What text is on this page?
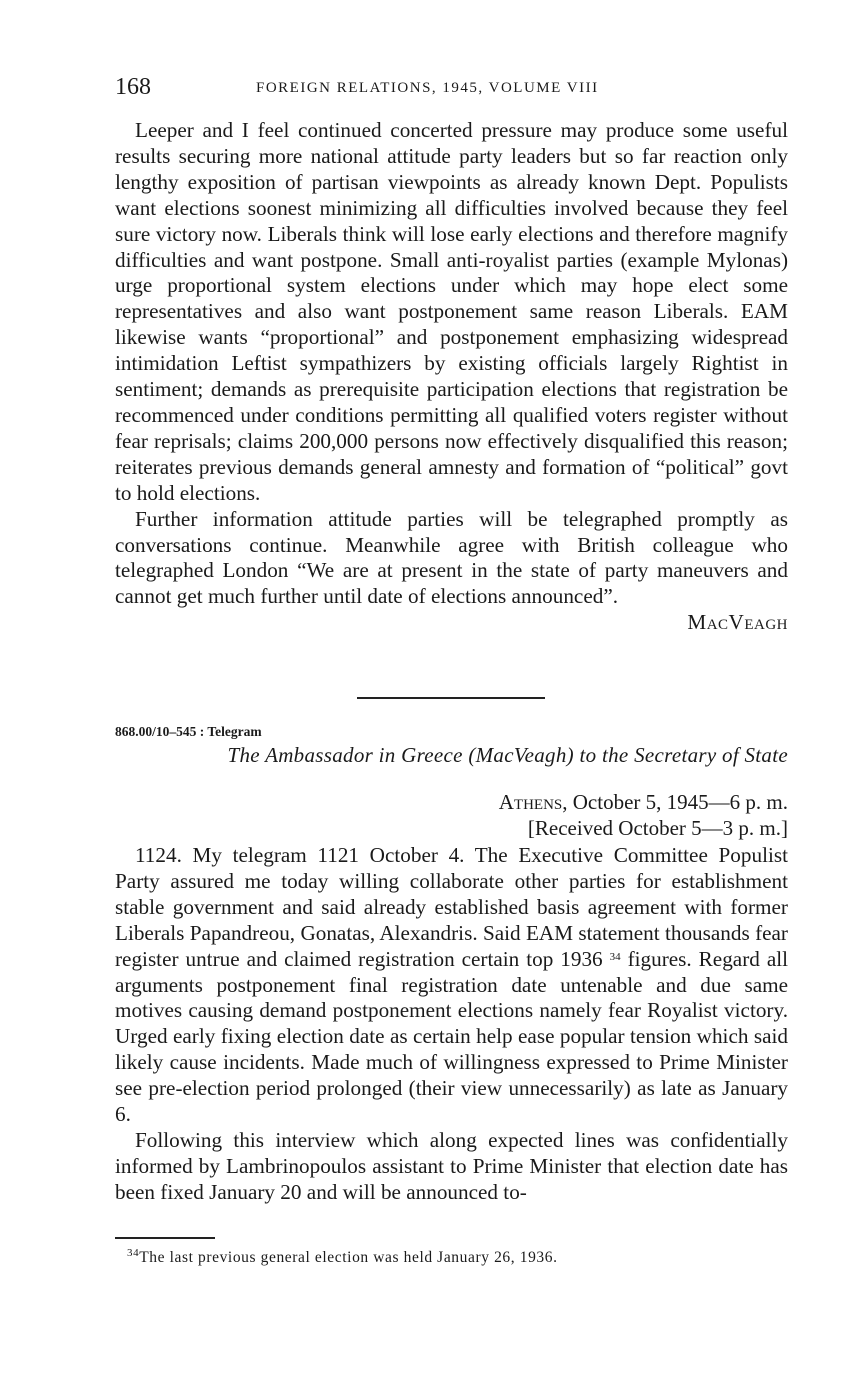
168	FOREIGN RELATIONS, 1945, VOLUME VIII

Leeper and I feel continued concerted pressure may produce some useful results securing more national attitude party leaders but so far reaction only lengthy exposition of partisan viewpoints as already known Dept. Populists want elections soonest minimizing all difficulties involved because they feel sure victory now. Liberals think will lose early elections and therefore magnify difficulties and want postpone. Small anti-royalist parties (example Mylonas) urge proportional system elections under which may hope elect some representatives and also want postponement same reason Liberals. EAM likewise wants “proportional” and postponement emphasizing widespread intimidation Leftist sympathizers by existing officials largely Rightist in sentiment; demands as prerequisite participation elections that registration be recommenced under conditions permitting all qualified voters register without fear reprisals; claims 200,000 persons now effectively disqualified this reason; reiterates previous demands general amnesty and formation of “political” govt to hold elections.

Further information attitude parties will be telegraphed promptly as conversations continue. Meanwhile agree with British colleague who telegraphed London “We are at present in the state of party maneuvers and cannot get much further until date of elections announced”.

MacVeagh
868.00/10–545 : Telegram
The Ambassador in Greece (MacVeagh) to the Secretary of State
Athens, October 5, 1945—6 p. m.
[Received October 5—3 p. m.]

1124. My telegram 1121 October 4. The Executive Committee Populist Party assured me today willing collaborate other parties for establishment stable government and said already established basis agreement with former Liberals Papandreou, Gonatas, Alexandris. Said EAM statement thousands fear register untrue and claimed registration certain top 1936 $^{34}$ figures. Regard all arguments postponement final registration date untenable and due same motives causing demand postponement elections namely fear Royalist victory. Urged early fixing election date as certain help ease popular tension which said likely cause incidents. Made much of willingness expressed to Prime Minister see pre-election period prolonged (their view unnecessarily) as late as January 6.

Following this interview which along expected lines was confidentially informed by Lambrinopoulos assistant to Prime Minister that election date has been fixed January 20 and will be announced to-

$^{34}$The last previous general election was held January 26, 1936.
